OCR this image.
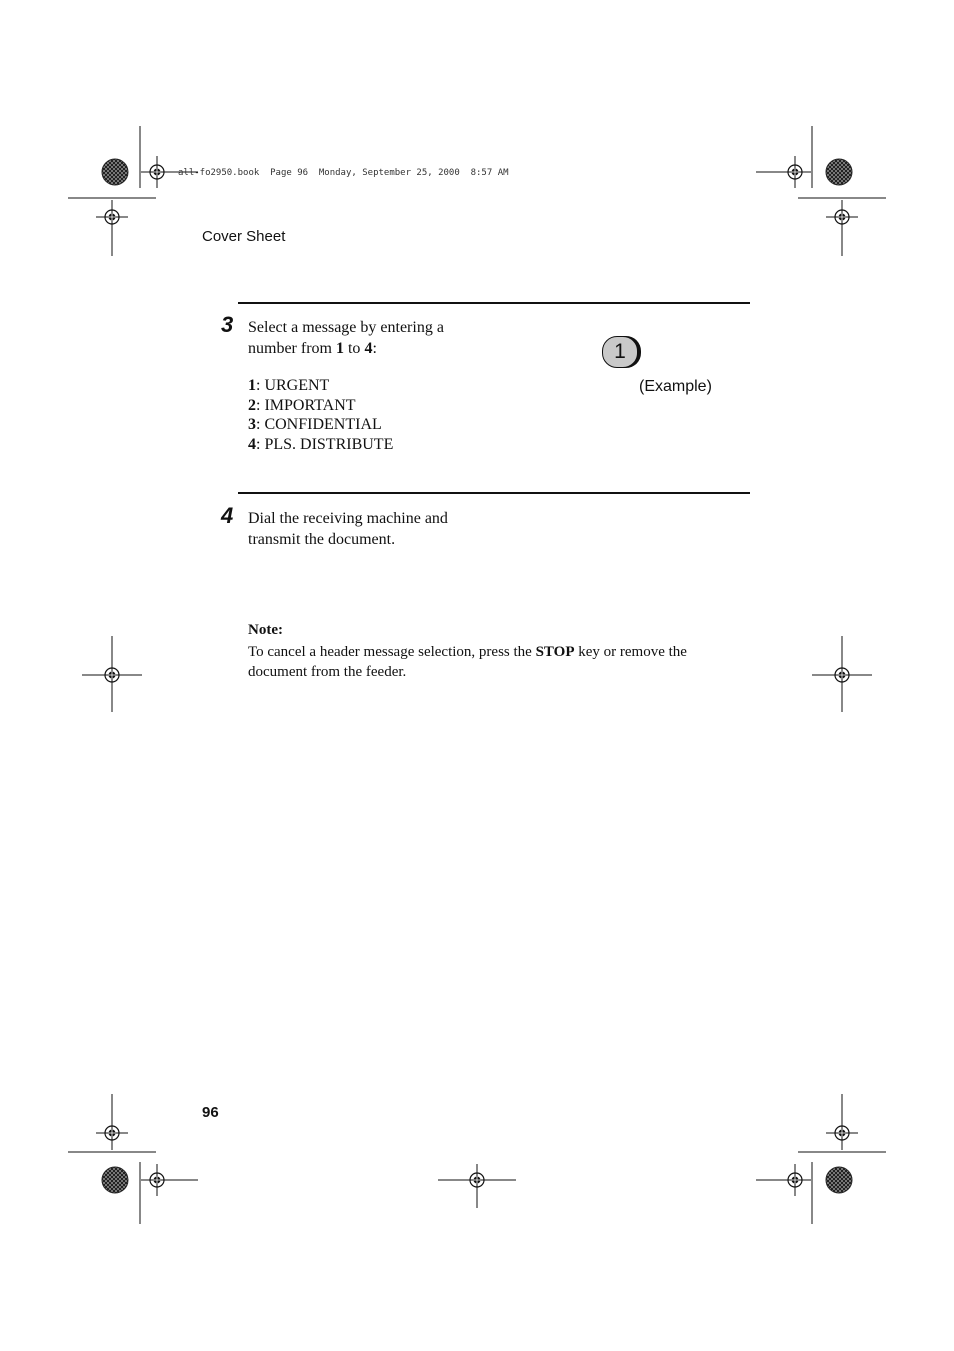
all-fo2950.book  Page 96  Monday, September 25, 2000  8:57 AM
Cover Sheet
3 Select a message by entering a
number from 1 to 4:
1: URGENT
2: IMPORTANT
3: CONFIDENTIAL
4: PLS. DISTRIBUTE
1
(Example)
4 Dial the receiving machine and
transmit the document.
Note:
To cancel a header message selection, press the STOP key or remove the document from the feeder.
96
